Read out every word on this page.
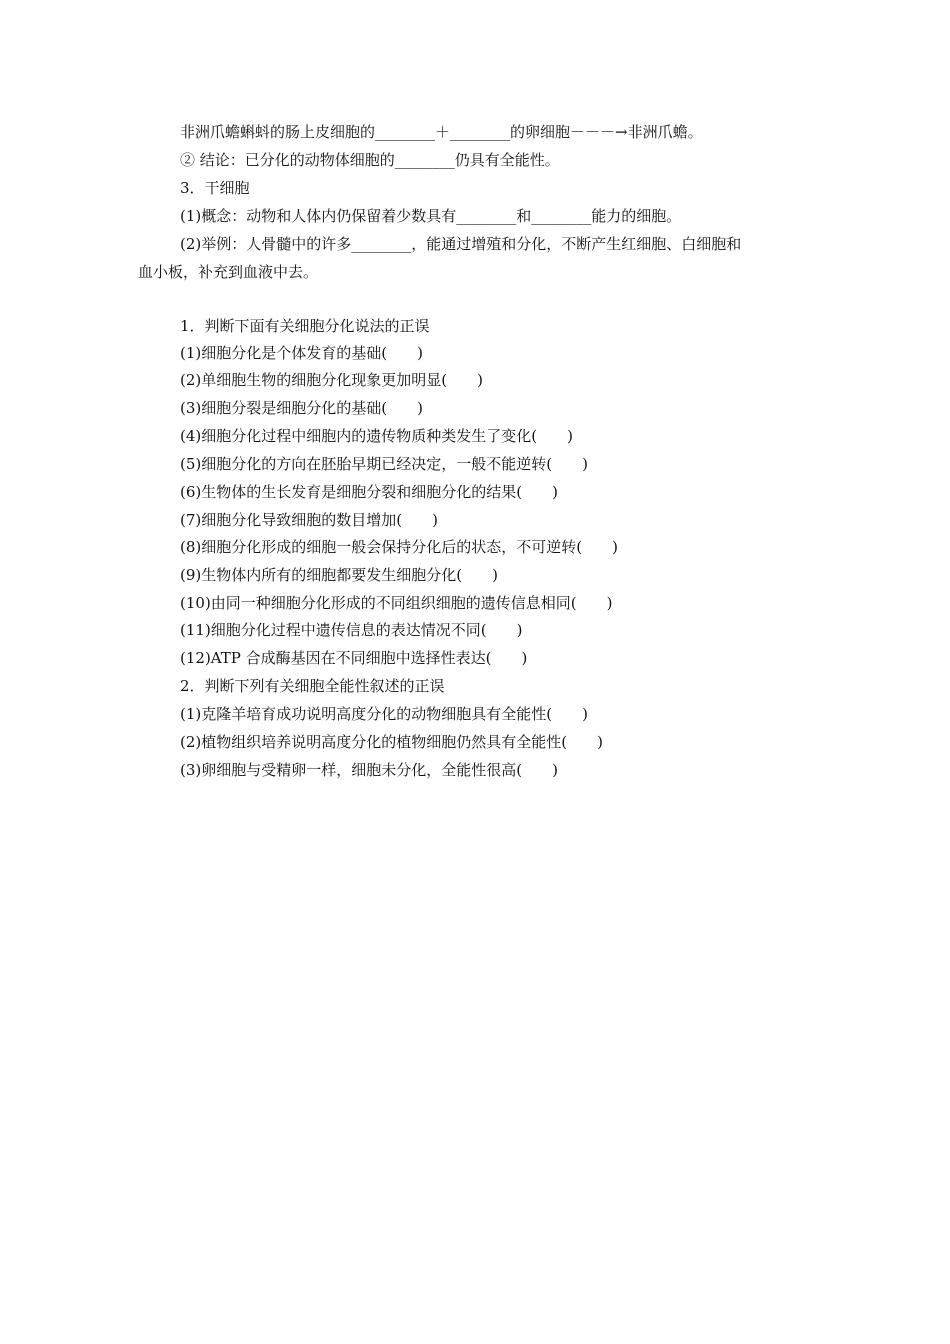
非洲爪蟾蝌蚪的肠上皮细胞的________＋________的卵细胞－－－→非洲爪蟾。
② 结论：已分化的动物体细胞的________仍具有全能性。
3．干细胞
(1)概念：动物和人体内仍保留着少数具有________和________能力的细胞。
(2)举例：人骨髓中的许多________，能通过增殖和分化，不断产生红细胞、白细胞和
血小板，补充到血液中去。
1．判断下面有关细胞分化说法的正误
(1)细胞分化是个体发育的基础(　　)
(2)单细胞生物的细胞分化现象更加明显(　　)
(3)细胞分裂是细胞分化的基础(　　)
(4)细胞分化过程中细胞内的遗传物质种类发生了变化(　　)
(5)细胞分化的方向在胚胎早期已经决定，一般不能逆转(　　)
(6)生物体的生长发育是细胞分裂和细胞分化的结果(　　)
(7)细胞分化导致细胞的数目增加(　　)
(8)细胞分化形成的细胞一般会保持分化后的状态，不可逆转(　　)
(9)生物体内所有的细胞都要发生细胞分化(　　)
(10)由同一种细胞分化形成的不同组织细胞的遗传信息相同(　　)
(11)细胞分化过程中遗传信息的表达情况不同(　　)
(12)ATP 合成酶基因在不同细胞中选择性表达(　　)
2．判断下列有关细胞全能性叙述的正误
(1)克隆羊培育成功说明高度分化的动物细胞具有全能性(　　)
(2)植物组织培养说明高度分化的植物细胞仍然具有全能性(　　)
(3)卵细胞与受精卵一样，细胞未分化，全能性很高(　　)
